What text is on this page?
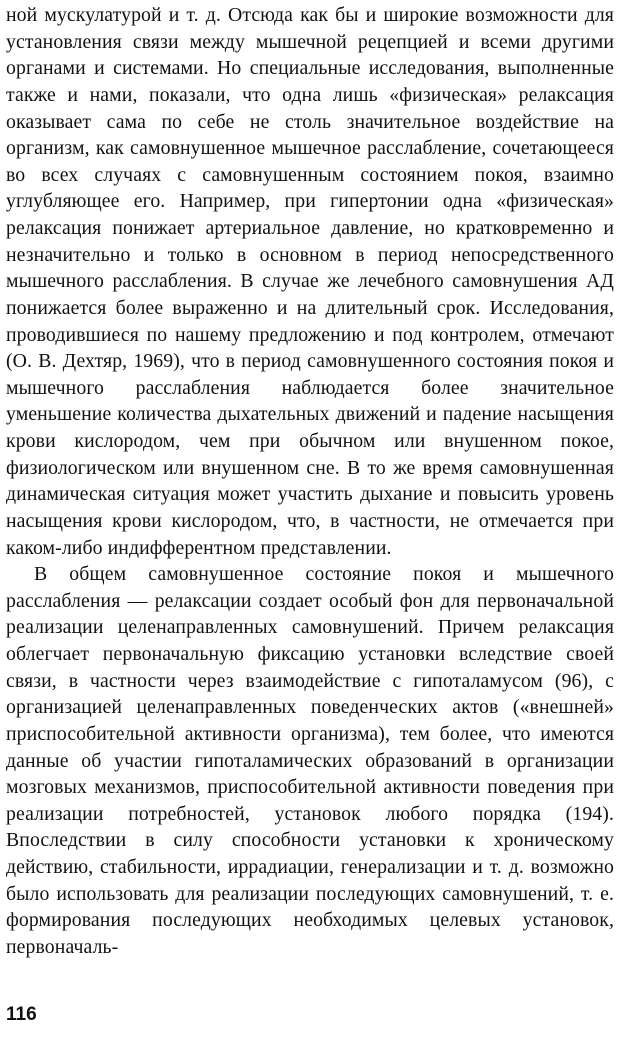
ной мускулатурой и т. д. Отсюда как бы и широкие возможности для установления связи между мышечной рецепцией и всеми другими органами и системами. Но специальные исследования, выполненные также и нами, показали, что одна лишь «физическая» релаксация оказывает сама по себе не столь значительное воздействие на организм, как самовнушенное мышечное расслабление, сочетающееся во всех случаях с самовнушенным состоянием покоя, взаимно углубляющее его. Например, при гипертонии одна «физическая» релаксация понижает артериальное давление, но кратковременно и незначительно и только в основном в период непосредственного мышечного расслабления. В случае же лечебного самовнушения АД понижается более выраженно и на длительный срок. Исследования, проводившиеся по нашему предложению и под контролем, отмечают (О. В. Дехтяр, 1969), что в период самовнушенного состояния покоя и мышечного расслабления наблюдается более значительное уменьшение количества дыхательных движений и падение насыщения крови кислородом, чем при обычном или внушенном покое, физиологическом или внушенном сне. В то же время самовнушенная динамическая ситуация может участить дыхание и повысить уровень насыщения крови кислородом, что, в частности, не отмечается при каком-либо индифферентном представлении.

В общем самовнушенное состояние покоя и мышечного расслабления — релаксации создает особый фон для первоначальной реализации целенаправленных самовнушений. Причем релаксация облегчает первоначальную фиксацию установки вследствие своей связи, в частности через взаимодействие с гипоталамусом (96), с организацией целенаправленных поведенческих актов («внешней» приспособительной активности организма), тем более, что имеются данные об участии гипоталамических образований в организации мозговых механизмов, приспособительной активности поведения при реализации потребностей, установок любого порядка (194). Впоследствии в силу способности установки к хроническому действию, стабильности, иррадиации, генерализации и т. д. возможно было использовать для реализации последующих самовнушений, т. е. формирования последующих необходимых целевых установок, первоначаль-

116
